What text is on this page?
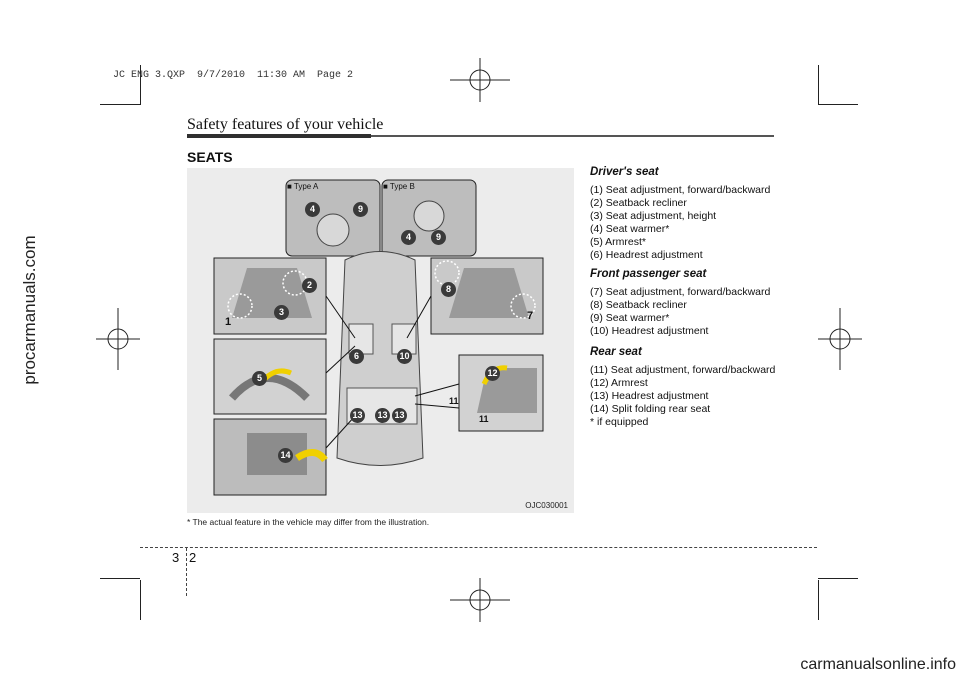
JC ENG 3.QXP  9/7/2010  11:30 AM  Page 2
procarmanuals.com
carmanualsonline.info
Safety features of your vehicle
SEATS
■ Type A	■ Type B
4	9
4	9
1
2
3
5
6
7
8
10
11
11
12
13 13 13
14
OJC030001
* The actual feature in the vehicle may differ from the illustration.
Driver's seat
(1) Seat adjustment, forward/backward
(2) Seatback recliner
(3) Seat adjustment, height
(4) Seat warmer*
(5) Armrest*
(6) Headrest adjustment
Front passenger seat
(7) Seat adjustment, forward/backward
(8) Seatback recliner
(9) Seat warmer*
(10) Headrest adjustment
Rear seat
(11) Seat adjustment, forward/backward
(12) Armrest
(13) Headrest adjustment
(14) Split folding rear seat
* if equipped
3 2
